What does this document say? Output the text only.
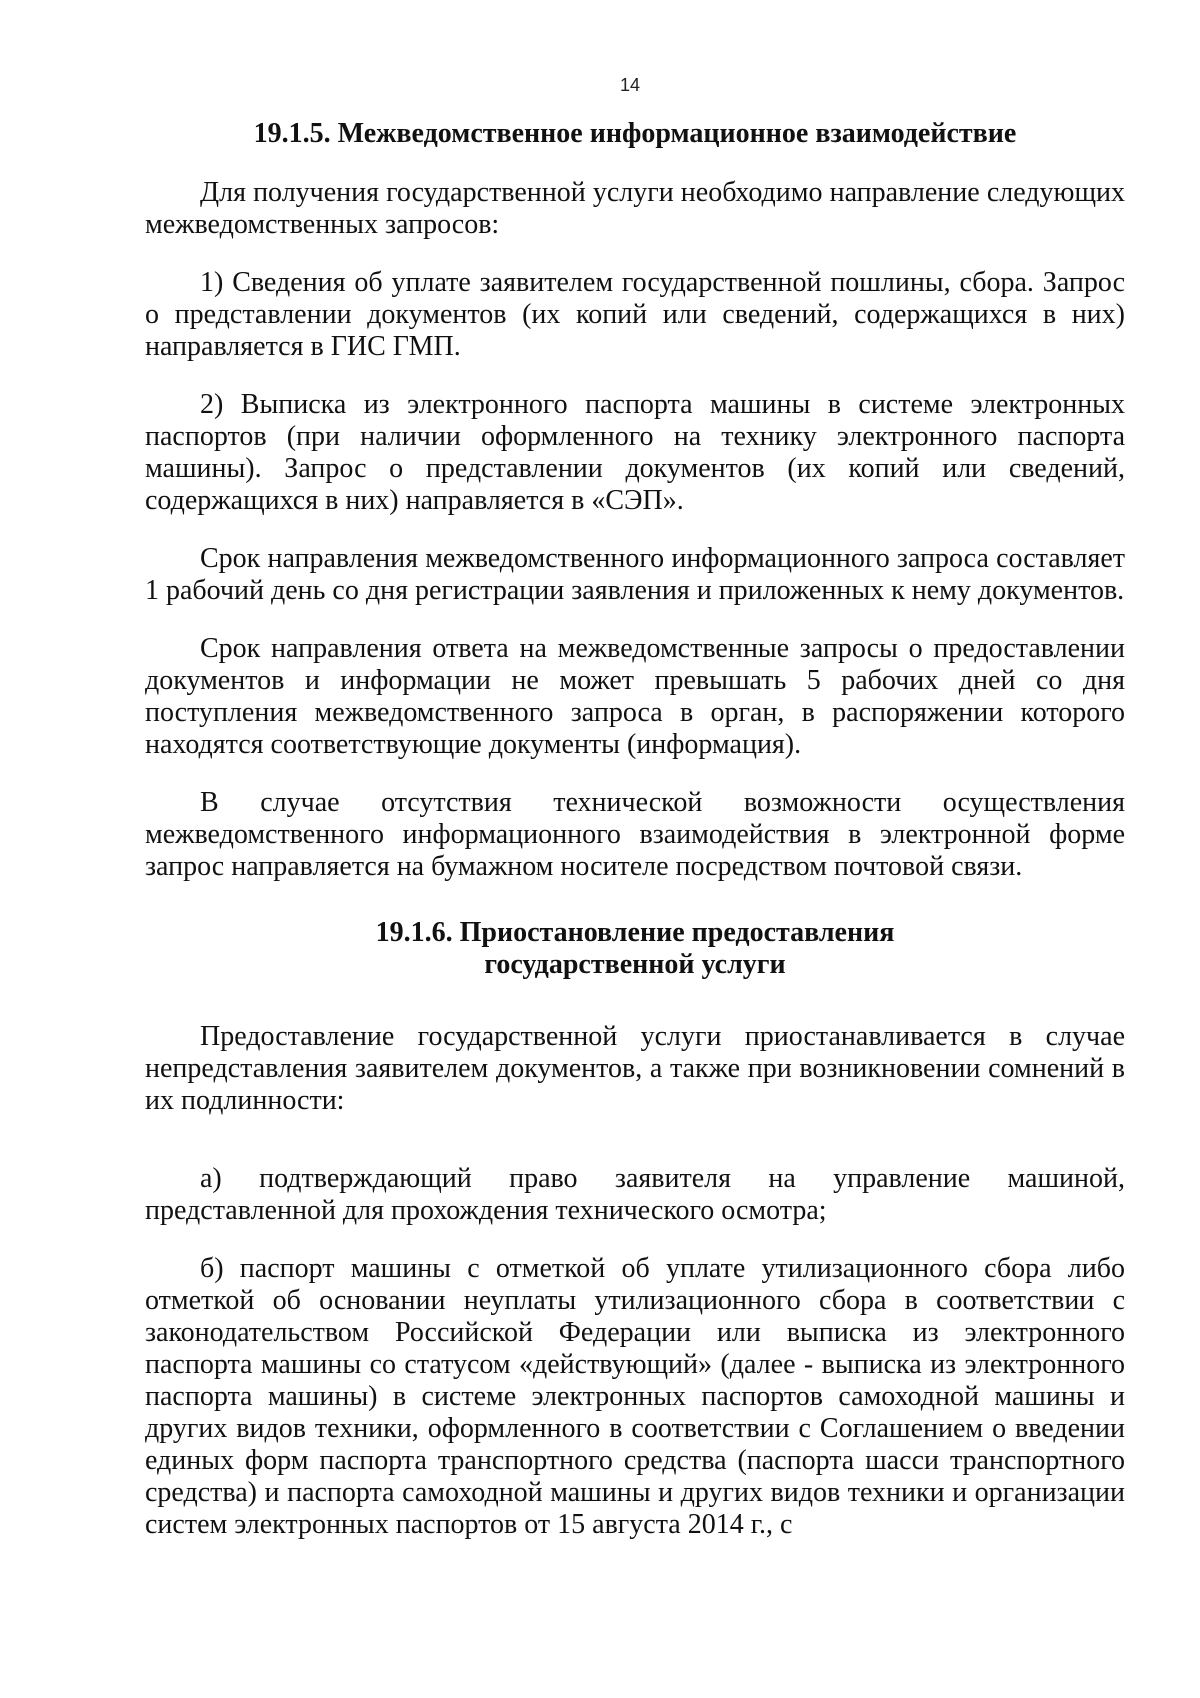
14
19.1.5. Межведомственное информационное взаимодействие

Для получения государственной услуги необходимо направление следующих межведомственных запросов:

1) Сведения об уплате заявителем государственной пошлины, сбора. Запрос о представлении документов (их копий или сведений, содержащихся в них) направляется в ГИС ГМП.

2) Выписка из электронного паспорта машины в системе электронных паспортов (при наличии оформленного на технику электронного паспорта машины). Запрос о представлении документов (их копий или сведений, содержащихся в них) направляется в «СЭП».

Срок направления межведомственного информационного запроса составляет 1 рабочий день со дня регистрации заявления и приложенных к нему документов.

Срок направления ответа на межведомственные запросы о предоставлении документов и информации не может превышать 5 рабочих дней со дня поступления межведомственного запроса в орган, в распоряжении которого находятся соответствующие документы (информация).

В случае отсутствия технической возможности осуществления межведомственного информационного взаимодействия в электронной форме запрос направляется на бумажном носителе посредством почтовой связи.

19.1.6. Приостановление предоставления
государственной услуги

Предоставление государственной услуги приостанавливается в случае непредставления заявителем документов, а также при возникновении сомнений в их подлинности:

а) подтверждающий право заявителя на управление машиной, представленной для прохождения технического осмотра;

б) паспорт машины с отметкой об уплате утилизационного сбора либо отметкой об основании неуплаты утилизационного сбора в соответствии с законодательством Российской Федерации или выписка из электронного паспорта машины со статусом «действующий» (далее - выписка из электронного паспорта машины) в системе электронных паспортов самоходной машины и других видов техники, оформленного в соответствии с Соглашением о введении единых форм паспорта транспортного средства (паспорта шасси транспортного средства) и паспорта самоходной машины и других видов техники и организации систем электронных паспортов от 15 августа 2014 г., с
